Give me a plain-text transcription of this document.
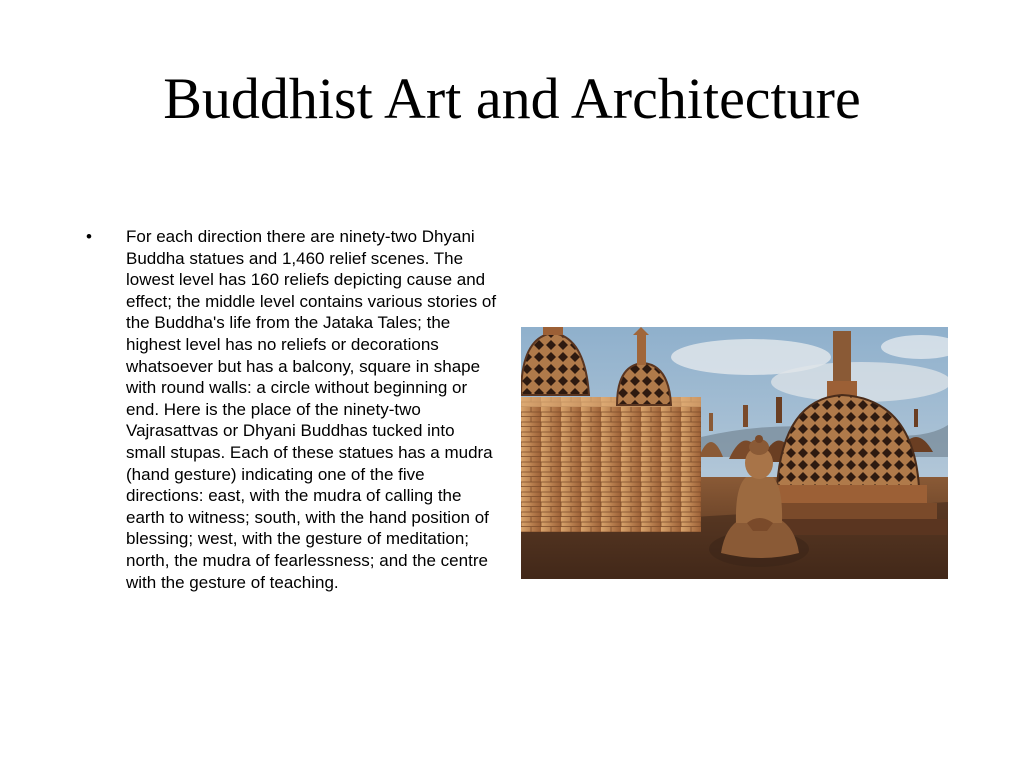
Buddhist Art and Architecture
• For each direction there are ninety-two Dhyani Buddha statues and 1,460 relief scenes. The lowest level has 160 reliefs depicting cause and effect; the middle level contains various stories of the Buddha's life from the Jataka Tales; the highest level has no reliefs or decorations whatsoever but has a balcony, square in shape with round walls: a circle without beginning or end. Here is the place of the ninety-two Vajrasattvas or Dhyani Buddhas tucked into small stupas. Each of these statues has a mudra (hand gesture) indicating one of the five directions: east, with the mudra of calling the earth to witness; south, with the hand position of blessing; west, with the gesture of meditation; north, the mudra of fearlessness; and the centre with the gesture of teaching.
